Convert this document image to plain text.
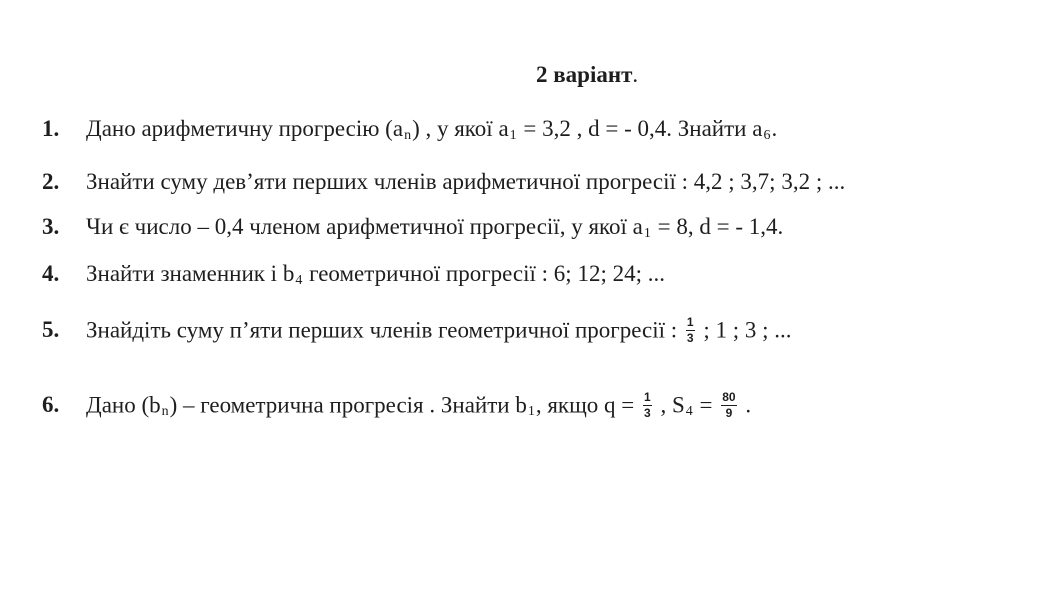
2 варіант.
1. Дано арифметичну прогресію $(a_n)$ , у якої $a_1 = 3,2$ , d = - 0,4. Знайти $a_6$.
2. Знайти суму дев’яти перших членів арифметичної прогресії : 4,2 ; 3,7; 3,2 ; ...
3. Чи є число – 0,4 членом арифметичної прогресії, у якої $a_1 = 8$, d = - 1,4.
4. Знайти знаменник і $b_4$ геометричної прогресії : 6; 12; 24; ...
5. Знайдіть суму п’яти перших членів геометричної прогресії : $\frac{1}{3}$ ; 1 ; 3 ; ...
6. Дано $(b_n)$ – геометрична прогресія . Знайти $b_1$, якщо $q = \frac{1}{3}$ , $S_4 = \frac{80}{9}$ .
